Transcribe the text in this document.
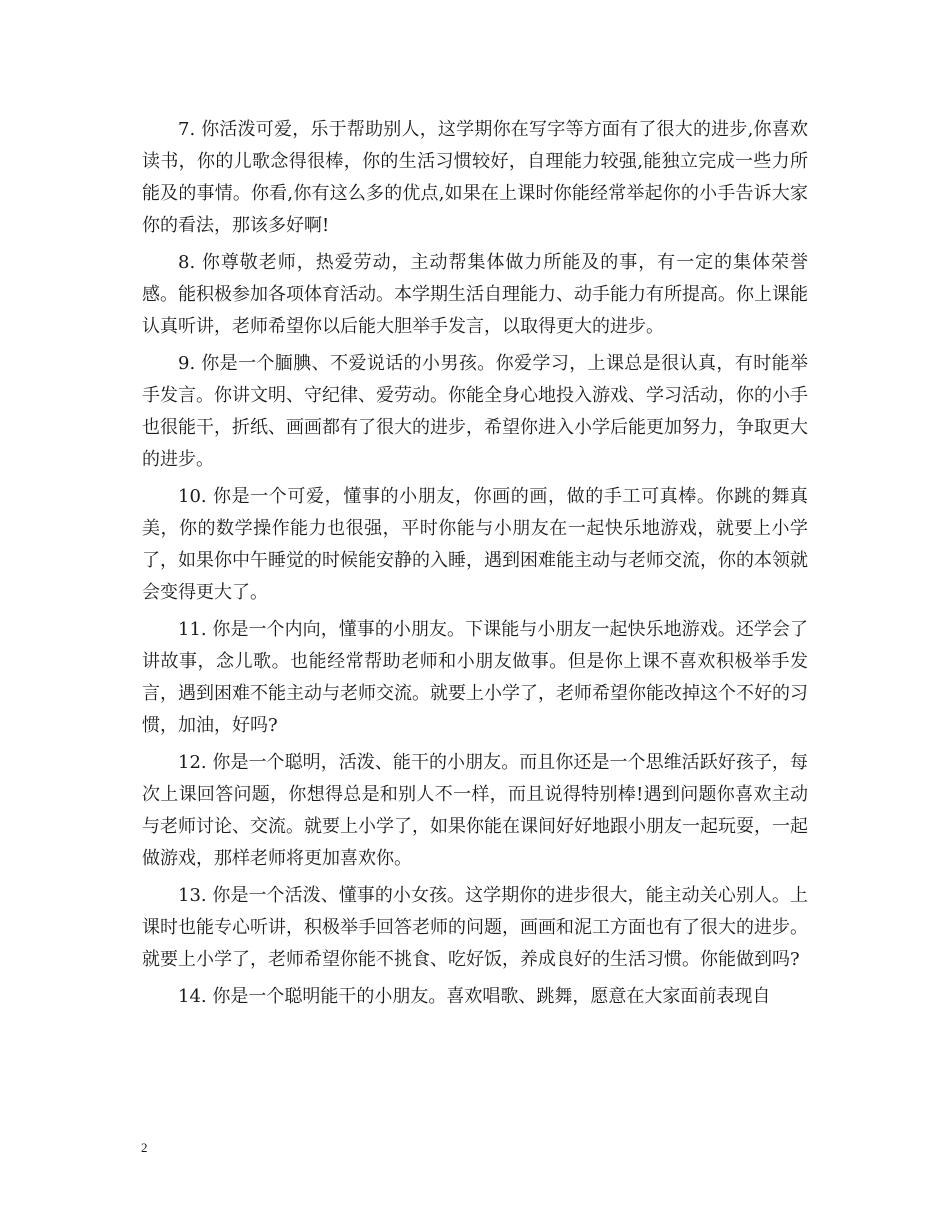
7. 你活泼可爱，乐于帮助别人，这学期你在写字等方面有了很大的进步,你喜欢读书，你的儿歌念得很棒，你的生活习惯较好，自理能力较强,能独立完成一些力所能及的事情。你看,你有这么多的优点,如果在上课时你能经常举起你的小手告诉大家你的看法，那该多好啊!

8. 你尊敬老师，热爱劳动，主动帮集体做力所能及的事，有一定的集体荣誉感。能积极参加各项体育活动。本学期生活自理能力、动手能力有所提高。你上课能认真听讲，老师希望你以后能大胆举手发言，以取得更大的进步。

9. 你是一个腼腆、不爱说话的小男孩。你爱学习，上课总是很认真，有时能举手发言。你讲文明、守纪律、爱劳动。你能全身心地投入游戏、学习活动，你的小手也很能干，折纸、画画都有了很大的进步，希望你进入小学后能更加努力，争取更大的进步。

10. 你是一个可爱，懂事的小朋友，你画的画，做的手工可真棒。你跳的舞真美，你的数学操作能力也很强，平时你能与小朋友在一起快乐地游戏，就要上小学了，如果你中午睡觉的时候能安静的入睡，遇到困难能主动与老师交流，你的本领就会变得更大了。

11. 你是一个内向，懂事的小朋友。下课能与小朋友一起快乐地游戏。还学会了讲故事，念儿歌。也能经常帮助老师和小朋友做事。但是你上课不喜欢积极举手发言，遇到困难不能主动与老师交流。就要上小学了，老师希望你能改掉这个不好的习惯，加油，好吗?

12. 你是一个聪明，活泼、能干的小朋友。而且你还是一个思维活跃好孩子，每次上课回答问题，你想得总是和别人不一样，而且说得特别棒!遇到问题你喜欢主动与老师讨论、交流。就要上小学了，如果你能在课间好好地跟小朋友一起玩耍，一起做游戏，那样老师将更加喜欢你。

13. 你是一个活泼、懂事的小女孩。这学期你的进步很大，能主动关心别人。上课时也能专心听讲，积极举手回答老师的问题，画画和泥工方面也有了很大的进步。就要上小学了，老师希望你能不挑食、吃好饭，养成良好的生活习惯。你能做到吗?

14. 你是一个聪明能干的小朋友。喜欢唱歌、跳舞，愿意在大家面前表现自

2
